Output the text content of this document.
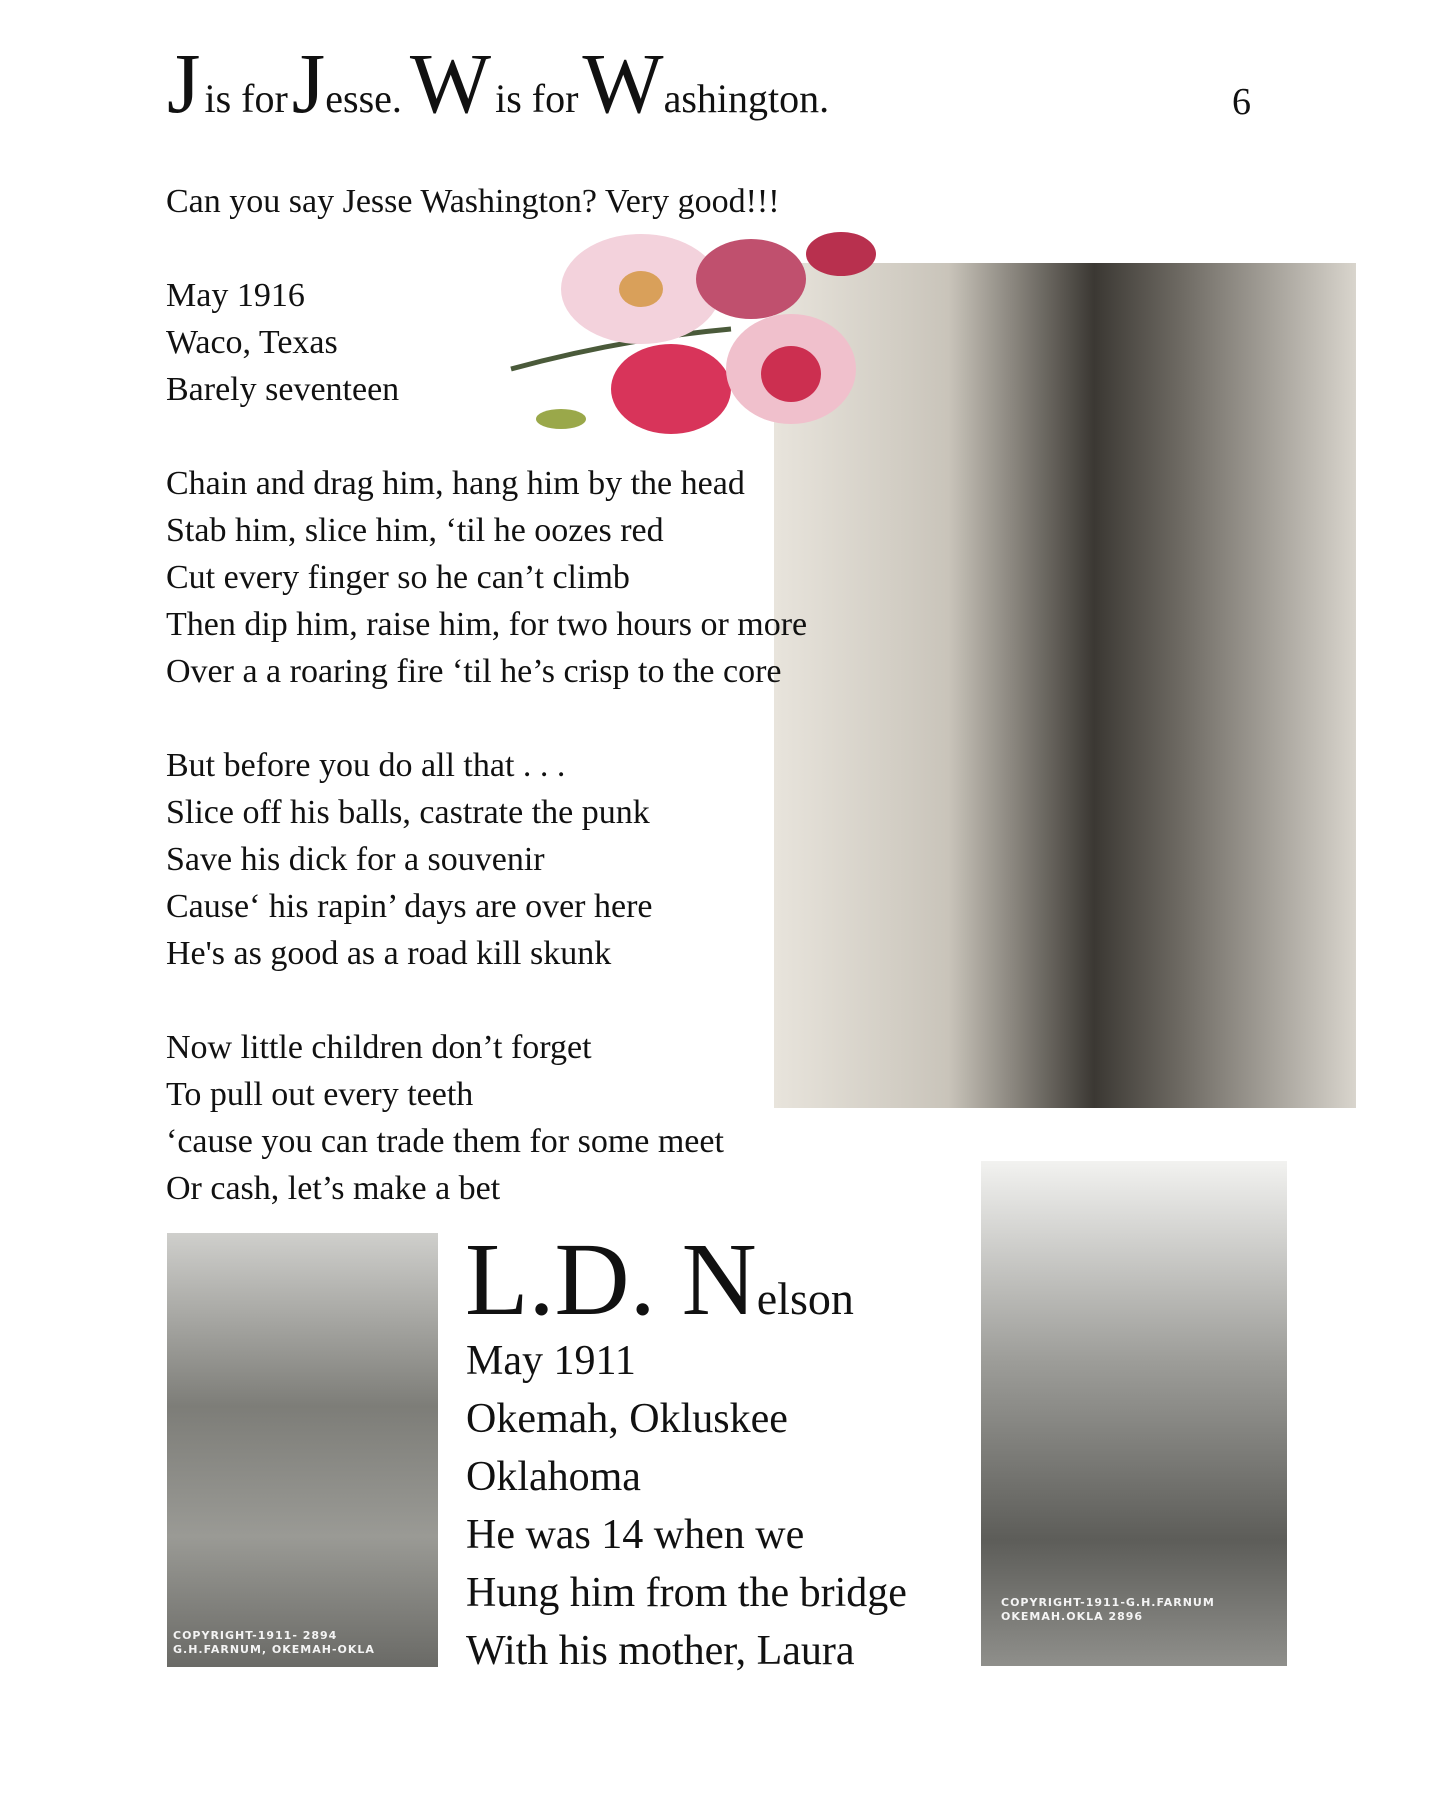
J is for Jesse.  W is for Washington.	6
Can you say Jesse Washington? Very good!!!
May 1916
Waco, Texas
Barely seventeen
Chain and drag him, hang him by the head
Stab him, slice him, ‘til he oozes red
Cut every finger so he can’t climb
Then dip him, raise him, for two hours or more
Over a a roaring fire ‘til he’s crisp to the core
But before you do all that . . .
Slice off his balls, castrate the punk
Save his dick for a souvenir
Cause‘ his rapin’ days are over here
He's as good as a road kill skunk
Now little children don’t forget
To pull out every teeth
‘cause you can trade them for some meet
Or cash, let’s make a bet
COPYRIGHT-1911- 2894
G.H.FARNUM, OKEMAH-OKLA
L.D. Nelson
May 1911
Okemah, Okluskee
Oklahoma
He was 14 when we
Hung him from the bridge
With his mother, Laura
COPYRIGHT-1911-G.H.FARNUM
OKEMAH.OKLA 2896
